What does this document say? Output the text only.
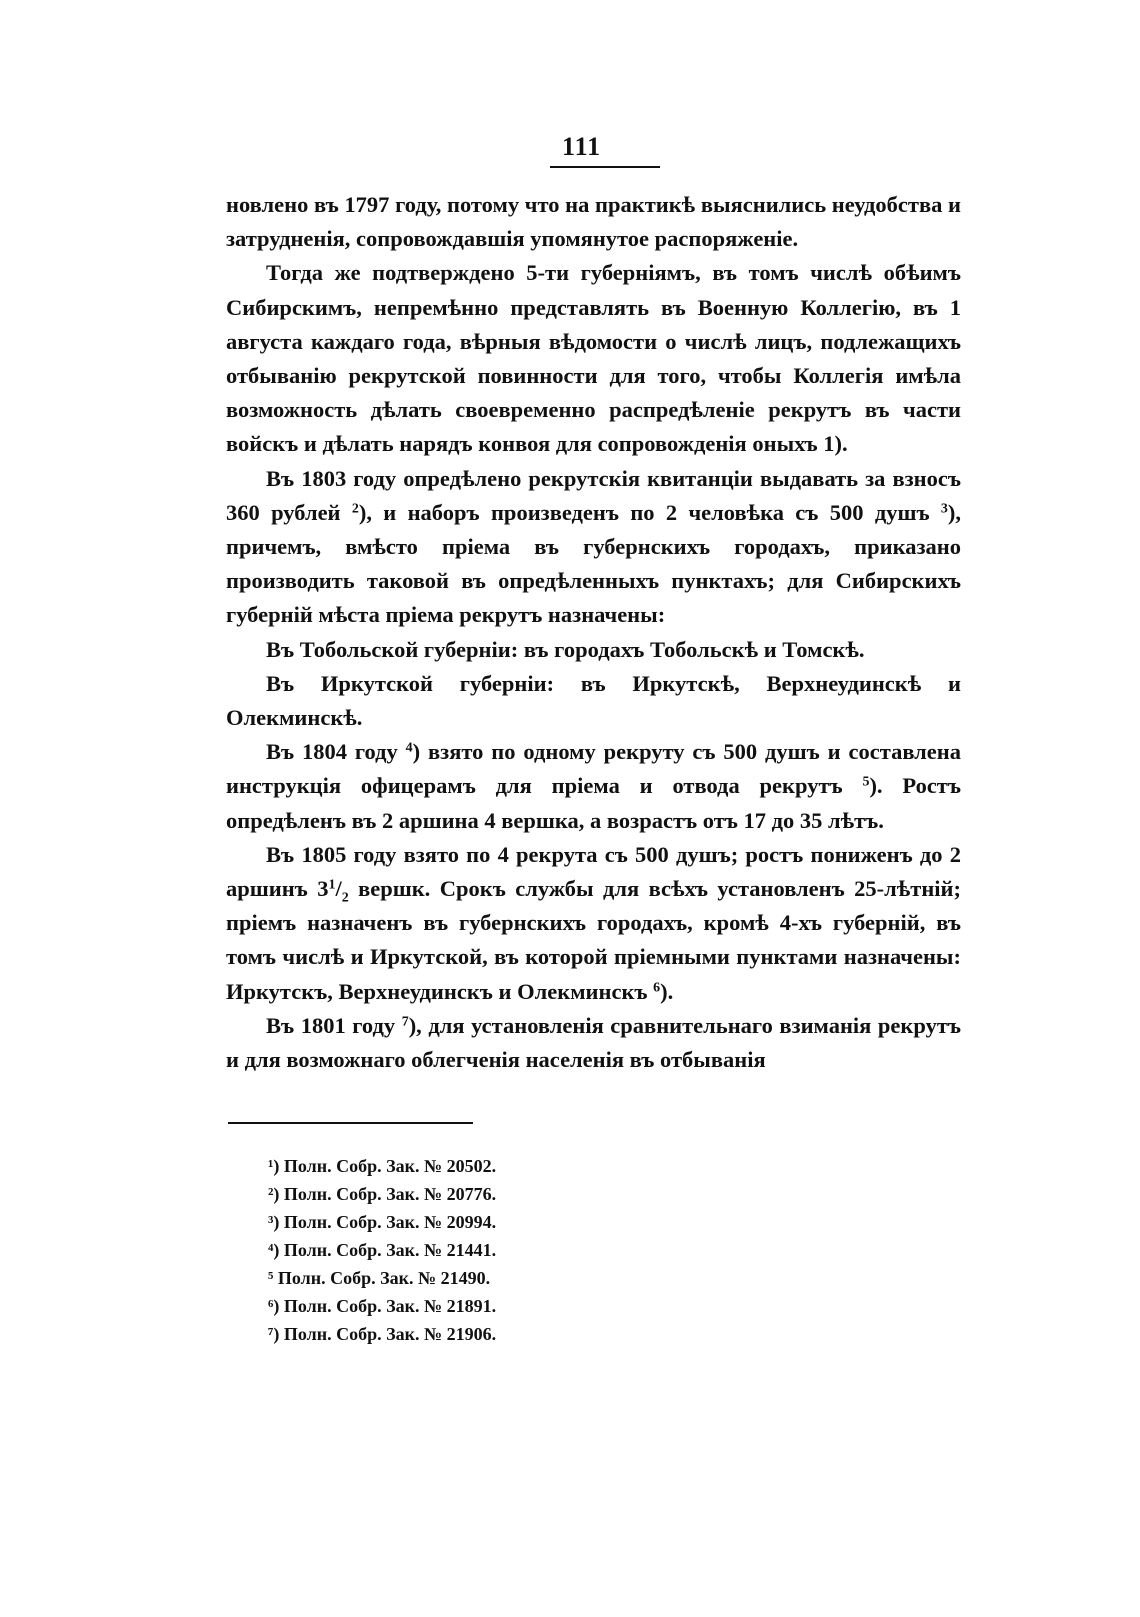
111

новлено въ 1797 году, потому что на практикѣ выяснились неудобства и затрудненія, сопровождавшія упомянутое распоряженіе.

Тогда же подтверждено 5-ти губерніямъ, въ томъ числѣ обѣимъ Сибирскимъ, непремѣнно представлять въ Военную Коллегію, въ 1 августа каждаго года, вѣрныя вѣдомости о числѣ лицъ, подлежащихъ отбыванію рекрутской повинности для того, чтобы Коллегія имѣла возможность дѣлать своевременно распредѣленіе рекрутъ въ части войскъ и дѣлать нарядъ конвоя для сопровожденія оныхъ 1).

Въ 1803 году опредѣлено рекрутскія квитанціи выдавать за взносъ 360 рублей $^2$), и наборъ произведенъ по 2 человѣка съ 500 душъ $^3$), причемъ, вмѣсто пріема въ губернскихъ городахъ, приказано производить таковой въ опредѣленныхъ пунктахъ; для Сибирскихъ губерній мѣста пріема рекрутъ назначены:

Въ Тобольской губерніи: въ городахъ Тобольскѣ и Томскѣ.

Въ Иркутской губерніи: въ Иркутскѣ, Верхнеудинскѣ и Олекминскѣ.

Въ 1804 году $^4$) взято по одному рекруту съ 500 душъ и составлена инструкція офицерамъ для пріема и отвода рекрутъ $^5$). Ростъ опредѣленъ въ 2 аршина 4 вершка, а возрастъ отъ 17 до 35 лѣтъ.

Въ 1805 году взято по 4 рекрута съ 500 душъ; ростъ пониженъ до 2 аршинъ $3^1/_2$ вершк. Срокъ службы для всѣхъ установленъ 25-лѣтній; пріемъ назначенъ въ губернскихъ городахъ, кромѣ 4-хъ губерній, въ томъ числѣ и Иркутской, въ которой пріемными пунктами назначены: Иркутскъ, Верхнеудинскъ и Олекминскъ $^6$).

Въ 1801 году $^7$), для установленія сравнительнаго взиманія рекрутъ и для возможнаго облегченія населенія въ отбыванія

¹) Полн. Собр. Зак. № 20502.
²) Полн. Собр. Зак. № 20776.
³) Полн. Собр. Зак. № 20994.
⁴) Полн. Собр. Зак. № 21441.
⁵ Полн. Собр. Зак. № 21490.
⁶) Полн. Собр. Зак. № 21891.
⁷) Полн. Собр. Зак. № 21906.
